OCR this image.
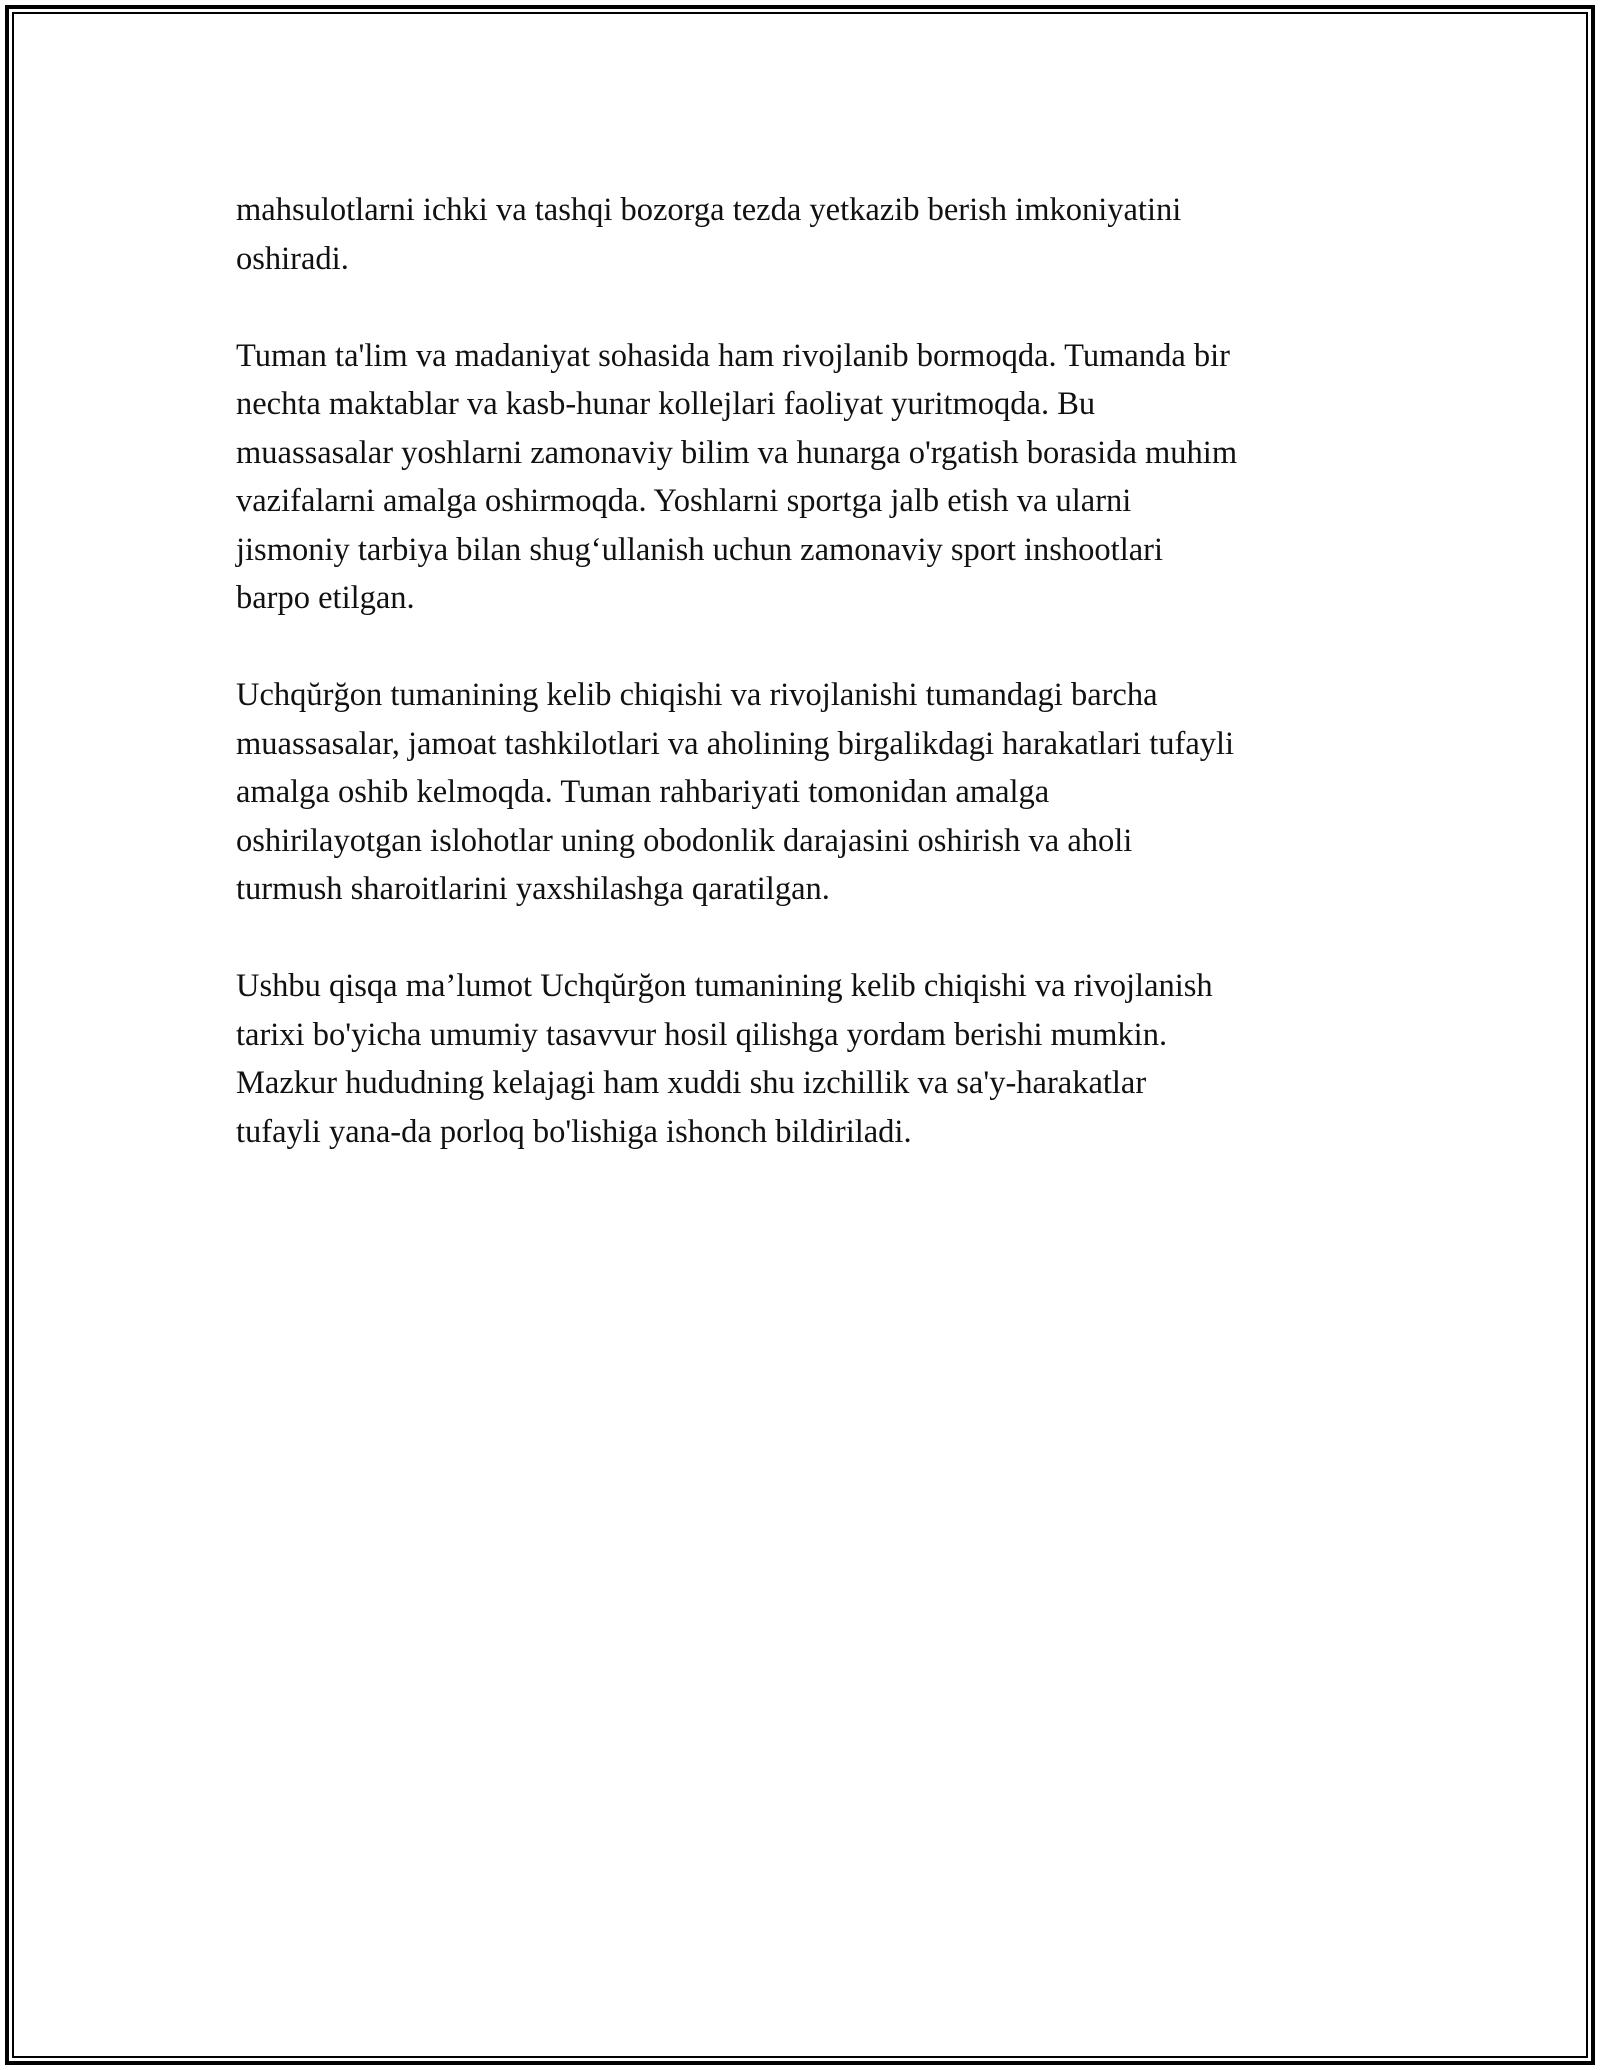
mahsulotlarni ichki va tashqi bozorga tezda yetkazib berish imkoniyatini
oshiradi.

Tuman ta'lim va madaniyat sohasida ham rivojlanib bormoqda. Tumanda bir
nechta maktablar va kasb-hunar kollejlari faoliyat yuritmoqda. Bu
muassasalar yoshlarni zamonaviy bilim va hunarga o'rgatish borasida muhim
vazifalarni amalga oshirmoqda. Yoshlarni sportga jalb etish va ularni
jismoniy tarbiya bilan shug‘ullanish uchun zamonaviy sport inshootlari
barpo etilgan.

Uchqŭrğon tumanining kelib chiqishi va rivojlanishi tumandagi barcha
muassasalar, jamoat tashkilotlari va aholining birgalikdagi harakatlari tufayli
amalga oshib kelmoqda. Tuman rahbariyati tomonidan amalga
oshirilayotgan islohotlar uning obodonlik darajasini oshirish va aholi
turmush sharoitlarini yaxshilashga qaratilgan.

Ushbu qisqa ma’lumot Uchqŭrğon tumanining kelib chiqishi va rivojlanish
tarixi bo'yicha umumiy tasavvur hosil qilishga yordam berishi mumkin.
Mazkur hududning kelajagi ham xuddi shu izchillik va sa'y-harakatlar
tufayli yana-da porloq bo'lishiga ishonch bildiriladi.
